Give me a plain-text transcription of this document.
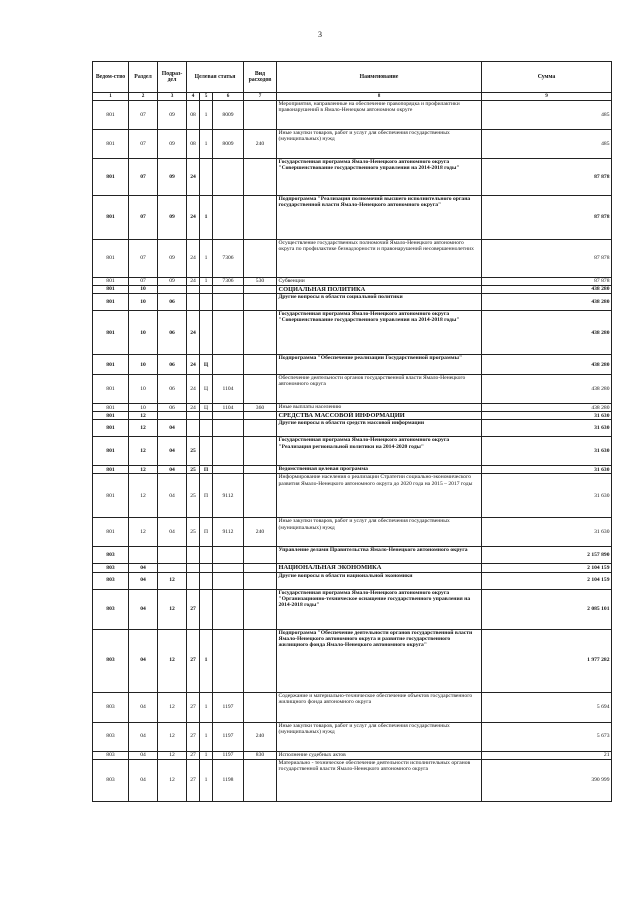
3
Ведом-ство	Раздел	Подраз-дел	Целевая статья			Вид расходов	Наименование	Сумма
1	2	3	4	5	6	7	8	9
801	07	09	08	1	8009		Мероприятия, направленные на обеспечение правопорядка и профилактики правонарушений в Ямало-Ненецком автономном округе	485
801	07	09	08	1	8009	240	Иные закупки товаров, работ и услуг для обеспечения государственных (муниципальных) нужд	485
801	07	09	24				Государственная программа Ямало-Ненецкого автономного округа "Совершенствование государственного управления на 2014-2018 годы"	87 878
801	07	09	24	1			Подпрограмма "Реализация полномочий высшего исполнительного органа государственной власти Ямало-Ненецкого автономного округа"	87 878
801	07	09	24	1	7306		Осуществление государственных полномочий Ямало-Ненецкого автономного округа по профилактике безнадзорности и правонарушений несовершеннолетних	87 878
801	07	09	24	1	7306	530	Субвенции	87 878
801	10						СОЦИАЛЬНАЯ ПОЛИТИКА	438 280
801	10	06					Другие вопросы в области социальной политики	438 280
801	10	06	24				Государственная программа Ямало-Ненецкого автономного округа "Совершенствование государственного управления на 2014-2018 годы"	438 280
801	10	06	24	Ц			Подпрограмма "Обеспечение реализации Государственной программы"	438 280
801	10	06	24	Ц	1104		Обеспечение деятельности органов государственной власти Ямало-Ненецкого автономного округа	438 280
801	10	06	24	Ц	1104	360	Иные выплаты населению	438 280
801	12						СРЕДСТВА МАССОВОЙ ИНФОРМАЦИИ	31 630
801	12	04					Другие вопросы в области средств массовой информации	31 630
801	12	04	25				Государственная программа Ямало-Ненецкого автономного округа "Реализация региональной политики на 2014-2020 годы"	31 630
801	12	04	25	П			Ведомственная целевая программа	31 630
801	12	04	25	П	9112		Информирование населения о реализации Стратегии социально-экономического развития Ямало-Ненецкого автономного округа до 2020 года на 2015 – 2017 годы	31 630
801	12	04	25	П	9112	240	Иные закупки товаров, работ и услуг для обеспечения государственных (муниципальных) нужд	31 630
803							Управление делами Правительства Ямало-Ненецкого автономного округа	2 157 890
803	04						НАЦИОНАЛЬНАЯ ЭКОНОМИКА	2 104 159
803	04	12					Другие вопросы в области национальной экономики	2 104 159
803	04	12	27				Государственная программа Ямало-Ненецкого автономного округа "Организационно-техническое оснащение государственного управления на 2014-2018 годы"	2 085 101
803	04	12	27	1			Подпрограмма "Обеспечение деятельности органов государственной власти Ямало-Ненецкого автономного округа и развитие государственного жилищного фонда Ямало-Ненецкого автономного округа"	1 977 282
803	04	12	27	1	1197		Содержание и материально-техническое обеспечение объектов государственного жилищного фонда автономного округа	5 694
803	04	12	27	1	1197	240	Иные закупки товаров, работ и услуг для обеспечения государственных (муниципальных) нужд	5 673
803	04	12	27	1	1197	830	Исполнение судебных актов	21
803	04	12	27	1	1198		Материально - техническое обеспечение деятельности исполнительных органов государственной власти Ямало-Ненецкого автономного округа	390 999
